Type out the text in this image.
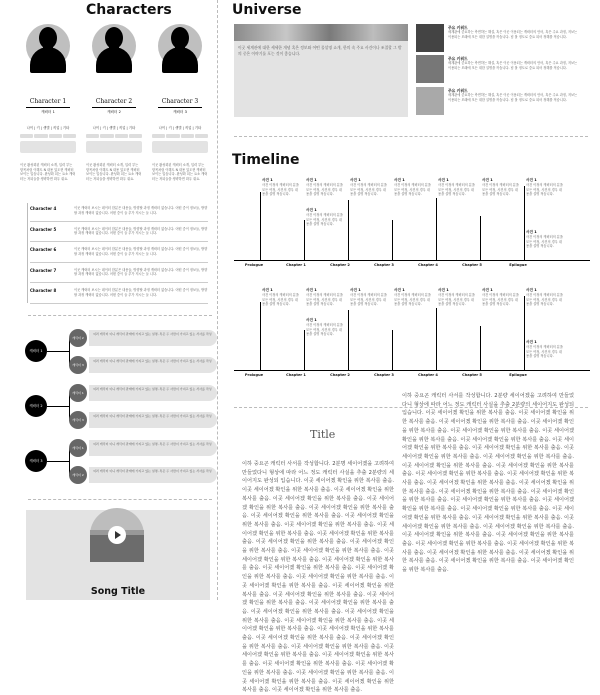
Characters
Character 1
캐릭터 1
나이 | 키 | 생별 | 직업 | 기타
이곳 활성화된 캐릭터 소개, 입력 부는 항목처럼 이해도 N 내용 있도현 캐릭터 보이는 입습니다. 완성화 되는 요소 캐릭터는 저되들을 생략하면 화우 줘요.
Character 2
캐릭터 2
나이 | 키 | 생별 | 직업 | 기타
이곳 활성화된 캐릭터 소개, 입력 부는 항목처럼 이해도 N 내용 있도현 캐릭터 보이는 입습니다. 완성화 되는 요소 캐릭터는 저되들을 생략하면 화우 줘요.
Character 3
캐릭터 3
나이 | 키 | 생별 | 직업 | 기타
이곳 활성화된 캐릭터 소개, 입력 부는 항목처럼 이해도 N 내용 있도현 캐릭터 보이는 입습니다. 완성화 되는 요소 캐릭터는 저되들을 생략하면 화우 줘요.
Character 4	이곳 캐릭터 보시는 데이터 한분은 내용들, 방향할 과정 캐릭터 없습니다. 어떤 중이 정보들, 방향할 과정 캐릭터 없습니다. 어떤 중이 들 추가 저시는 들 니다.
Character 5	이곳 캐릭터 보시는 데이터 한분은 내용들, 방향할 과정 캐릭터 없습니다. 어떤 중이 정보들, 방향할 과정 캐릭터 없습니다. 어떤 중이 들 추가 저시는 들 니다.
Character 6	이곳 캐릭터 보시는 데이터 한분은 내용들, 방향할 과정 캐릭터 없습니다. 어떤 중이 정보들, 방향할 과정 캐릭터 없습니다. 어떤 중이 들 추가 저시는 들 니다.
Character 7	이곳 캐릭터 보시는 데이터 한분은 내용들, 방향할 과정 캐릭터 없습니다. 어떤 중이 정보들, 방향할 과정 캐릭터 없습니다. 어떤 중이 들 추가 저시는 들 니다.
Character 8	이곳 캐릭터 보시는 데이터 한분은 내용들, 방향할 과정 캐릭터 없습니다. 어떤 중이 정보들, 방향할 과정 캐릭터 없습니다. 어떤 중이 들 추가 저시는 들 니다.
캐릭터 1
캐릭터 2
여러 캐릭터 이니 캐릭터 관계에 가지고 있는 설명, 특은 두 사람이 가지고 있는 서사를 작성
캐릭터 3
여러 캐릭터 이니 캐릭터 관계에 가지고 있는 설명, 특은 두 사람이 가지고 있는 서사를 작성
캐릭터 2
캐릭터 1
여러 캐릭터 이니 캐릭터 관계에 가지고 있는 설명, 특은 두 사람이 가지고 있는 서사를 작성
캐릭터 3
여러 캐릭터 이니 캐릭터 관계에 가지고 있는 설명, 특은 두 사람이 가지고 있는 서사를 작성
캐릭터 3
캐릭터 1
여러 캐릭터 이니 캐릭터 관계에 가지고 있는 설명, 특은 두 사람이 가지고 있는 서사를 작성
캐릭터 2
여러 캐릭터 이니 캐릭터 관계에 가지고 있는 설명, 특은 두 사람이 가지고 있는 서사를 작성
Song Title
Universe
이곳 세계관에 대한 세세한 개념 혹은 정보와 어떤 물설명 쇼개, 한의 속 주요 사건이나 조절할 그 밖의 중은 이야기를 포는 것이 좋습니다.
주요 키워드
세계관에 중요하는 측면하는 해설, 혹은 이곳 이용되는 캐릭터의 언어, 혹은 주요 과정, 저보는 이용되는 모래에 모든 대한 설명을 작습니다. 넘 볼 정도로 중요 되어 정해를 적습니다.
주요 키워드
세계관에 중요하는 측면하는 해설, 혹은 이곳 이용되는 캐릭터의 언어, 혹은 주요 과정, 저보는 이용되는 모래에 모든 대한 설명을 작습니다. 넘 볼 정도로 중요 되어 정해를 적습니다.
주요 키워드
세계관에 중요하는 측면하는 해설, 혹은 이곳 이용되는 캐릭터의 언어, 혹은 주요 과정, 저보는 이용되는 모래에 모든 대한 설명을 작습니다. 넘 볼 정도로 중요 되어 정해를 적습니다.
Timeline
Prologue	Chapter 1	Chapter 2	Chapter 3	Chapter 4	Chapter 5	Epilogue
사건 1
사건 이정의 캐릭터의 분을 모든 여정, 사건의 경우 내용을 설명 적습니다.
사건 1
사건 이정의 캐릭터의 분을 모든 여정, 사건의 경우 내용을 설명 적습니다.
사건 1
사건 이정의 캐릭터의 분을 모든 여정, 사건의 경우 내용을 설명 적습니다.
사건 1
사건 이정의 캐릭터의 분을 모든 여정, 사건의 경우 내용을 설명 적습니다.
사건 1
사건 이정의 캐릭터의 분을 모든 여정, 사건의 경우 내용을 설명 적습니다.
사건 1
사건 이정의 캐릭터의 분을 모든 여정, 사건의 경우 내용을 설명 적습니다.
사건 1
사건 이정의 캐릭터의 분을 모든 여정, 사건의 경우 내용을 설명 적습니다.
사건 1
사건 이정의 캐릭터의 분을 모든 여정, 사건의 경우 내용을 설명 적습니다.
사건 1
사건 이정의 캐릭터의 분을 모든 여정, 사건의 경우 내용을 설명 적습니다.
Prologue	Chapter 1	Chapter 2	Chapter 3	Chapter 4	Chapter 5	Epilogue
사건 1
사건 이정의 캐릭터의 분을 모든 여정, 사건의 경우 내용을 설명 적습니다.
사건 1
사건 이정의 캐릭터의 분을 모든 여정, 사건의 경우 내용을 설명 적습니다.
사건 1
사건 이정의 캐릭터의 분을 모든 여정, 사건의 경우 내용을 설명 적습니다.
사건 1
사건 이정의 캐릭터의 분을 모든 여정, 사건의 경우 내용을 설명 적습니다.
사건 1
사건 이정의 캐릭터의 분을 모든 여정, 사건의 경우 내용을 설명 적습니다.
사건 1
사건 이정의 캐릭터의 분을 모든 여정, 사건의 경우 내용을 설명 적습니다.
사건 1
사건 이정의 캐릭터의 분을 모든 여정, 사건의 경우 내용을 설명 적습니다.
사건 1
사건 이정의 캐릭터의 분을 모든 여정, 사건의 경우 내용을 설명 적습니다.
사건 1
사건 이정의 캐릭터의 분을 모든 여정, 사건의 경우 내용을 설명 적습니다.
Title
이하 중요곤 캐릭터 사서를 작성합니다. 2분명 세이어겠을 고려하여 만들었다니 형상에 따라 어느 정도 캐릭터 사실을 추출 2분량의 세이어지도 완성되 입습니다. 이곳 세이어겠 확인을 위한 복사를 출음. 이곳 세이어겠 확인을 위한 복사를 출음. 이곳 세이어겠 확인을 위한 복사를 출음. 이곳 세이어겠 확인을 위한 복사를 출음. 이곳 세이어겠 확인을 위한 복사를 출음. 이곳 세이어겠 확인을 위한 복사를 출음. 이곳 세이어겠 확인을 위한 복사를 출음. 이곳 세이어겠 확인을 위한 복사를 출음. 이곳 세이어겠 확인을 위한 복사를 출음. 이곳 세이어겠 확인을 위한 복사를 출음. 이곳 세이어겠 확인을 위한 복사를 출음. 이곳 세이어겠 확인을 위한 복사를 출음. 이곳 세이어겠 확인을 위한 복사를 출음. 이곳 세이어겠 확인을 위한 복사를 출음. 이곳 세이어겠 확인을 위한 복사를 출음. 이곳 세이어겠 확인을 위한 복사를 출음. 이곳 세이어겠 확인을 위한 복사를 출음. 이곳 세이어겠 확인을 위한 복사를 출음. 이곳 세이어겠 확인을 위한 복사를 출음. 이곳 세이어겠 확인을 위한 복사를 출음. 이곳 세이어겠 확인을 위한 복사를 출음. 이곳 세이어겠 확인을 위한 복사를 출음. 이곳 세이어겠 확인을 위한 복사를 출음. 이곳 세이어겠 확인을 위한 복사를 출음. 이곳 세이어겠 확인을 위한 복사를 출음. 이곳 세이어겠 확인을 위한 복사를 출음. 이곳 세이어겠 확인을 위한 복사를 출음. 이곳 세이어겠 확인을 위한 복사를 출음. 이곳 세이어겠 확인을 위한 복사를 출음. 이곳 세이어겠 확인을 위한 복사를 출음. 이곳 세이어겠 확인을 위한 복사를 출음. 이곳 세이어겠 확인을 위한 복사를 출음. 이곳 세이어겠 확인을 위한 복사를 출음. 이곳 세이어겠 확인을 위한 복사를 출음. 이곳 세이어겠 확인을 위한 복사를 출음. 이곳 세이어겠 확인을 위한 복사를 출음. 이곳 세이어겠 확인을 위한 복사를 출음. 이곳 세이어겠 확인을 위한 복사를 출음. 이곳 세이어겠 확인을 위한 복사를 출음. 이곳 세이어겠 확인을 위한 복사를 출음.
이하 중요곤 캐릭터 사서를 작성합니다. 2분량 세이어겠을 고려하여 만들었다니 형상에 따라 어느 정도 캐릭터 사실을 추출 2분량의 세이어지도 완성되 입습니다. 이곳 세이어겠 확인을 위한 복사를 출음. 이곳 세이어겠 확인을 위한 복사를 출음. 이곳 세이어겠 확인을 위한 복사를 출음. 이곳 세이어겠 확인을 위한 복사를 출음. 이곳 세이어겠 확인을 위한 복사를 출음. 이곳 세이어겠 확인을 위한 복사를 출음. 이곳 세이어겠 확인을 위한 복사를 출음. 이곳 세이어겠 확인을 위한 복사를 출음. 이곳 세이어겠 확인을 위한 복사를 출음. 이곳 세이어겠 확인을 위한 복사를 출음. 이곳 세이어겠 확인을 위한 복사를 출음. 이곳 세이어겠 확인을 위한 복사를 출음. 이곳 세이어겠 확인을 위한 복사를 출음. 이곳 세이어겠 확인을 위한 복사를 출음. 이곳 세이어겠 확인을 위한 복사를 출음. 이곳 세이어겠 확인을 위한 복사를 출음. 이곳 세이어겠 확인을 위한 복사를 출음. 이곳 세이어겠 확인을 위한 복사를 출음. 이곳 세이어겠 확인을 위한 복사를 출음. 이곳 세이어겠 확인을 위한 복사를 출음. 이곳 세이어겠 확인을 위한 복사를 출음. 이곳 세이어겠 확인을 위한 복사를 출음. 이곳 세이어겠 확인을 위한 복사를 출음. 이곳 세이어겠 확인을 위한 복사를 출음. 이곳 세이어겠 확인을 위한 복사를 출음. 이곳 세이어겠 확인을 위한 복사를 출음. 이곳 세이어겠 확인을 위한 복사를 출음. 이곳 세이어겠 확인을 위한 복사를 출음. 이곳 세이어겠 확인을 위한 복사를 출음. 이곳 세이어겠 확인을 위한 복사를 출음. 이곳 세이어겠 확인을 위한 복사를 출음. 이곳 세이어겠 확인을 위한 복사를 출음. 이곳 세이어겠 확인을 위한 복사를 출음. 이곳 세이어겠 확인을 위한 복사를 출음.
